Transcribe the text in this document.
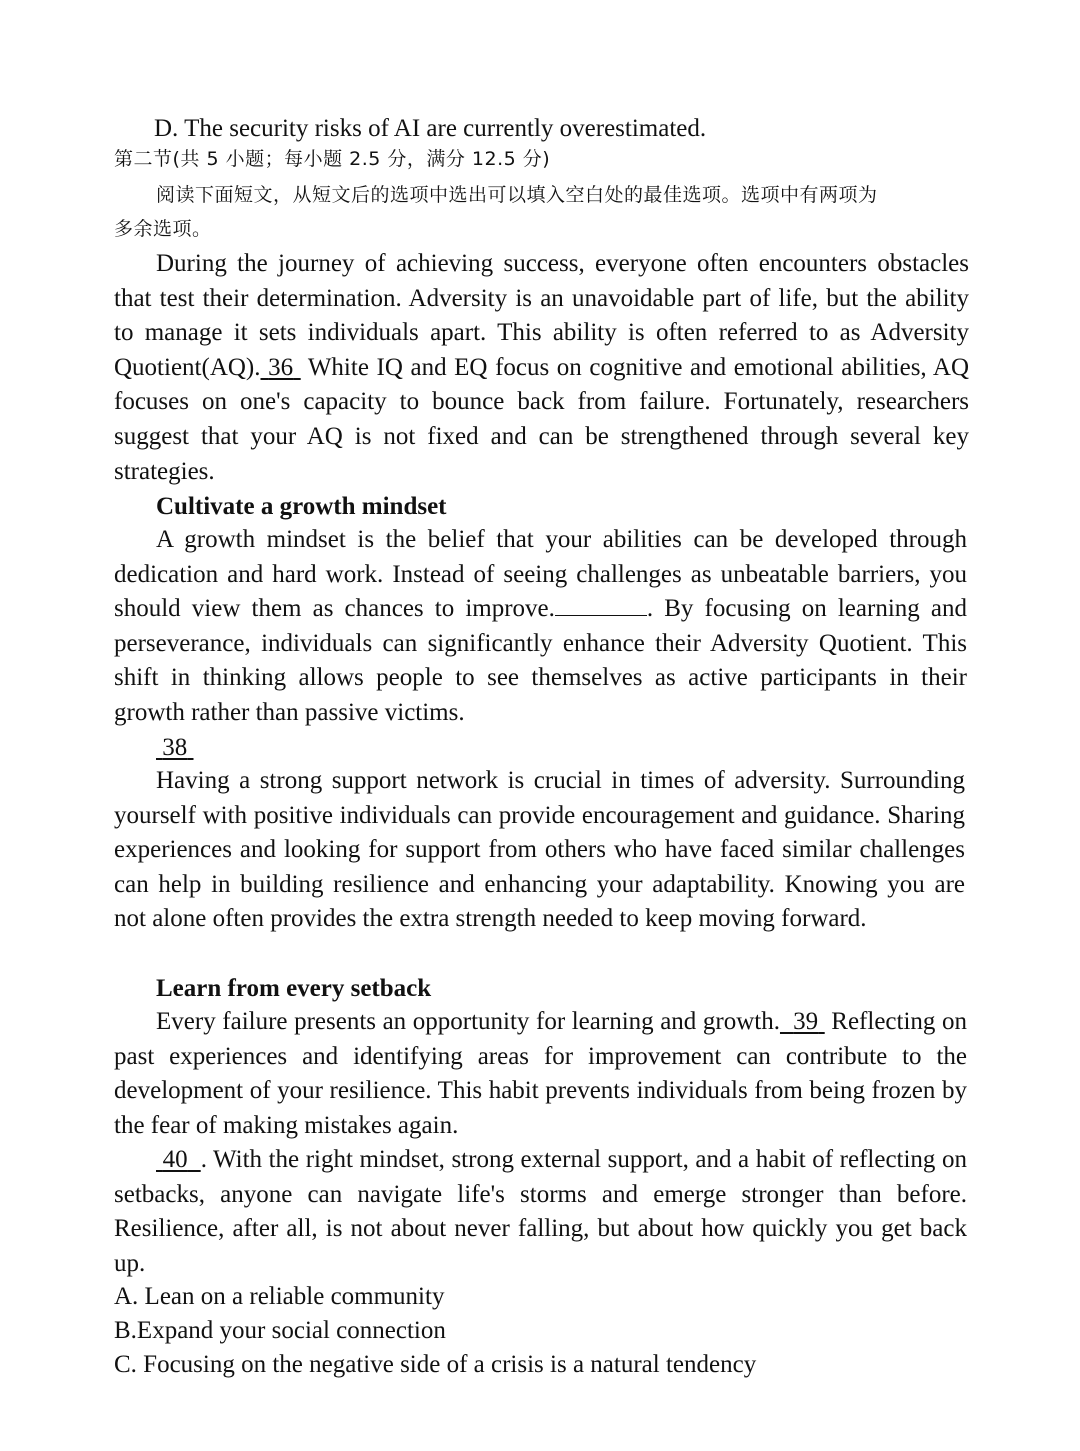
D. The security risks of AI are currently overestimated.
第二节(共 5 小题；每小题 2.5 分，满分 12.5 分)
阅读下面短文，从短文后的选项中选出可以填入空白处的最佳选项。选项中有两项为
多余选项。
During the journey of achieving success, everyone often encounters obstacles that test their determination. Adversity is an unavoidable part of life, but the ability to manage it sets individuals apart. This ability is often referred to as Adversity Quotient(AQ). 36  White IQ and EQ focus on cognitive and emotional abilities, AQ focuses on one's capacity to bounce back from failure. Fortunately, researchers suggest that your AQ is not fixed and can be strengthened through several key strategies.
Cultivate a growth mindset
A growth mindset is the belief that your abilities can be developed through dedication and hard work. Instead of seeing challenges as unbeatable barriers, you should view them as chances to improve.	. By focusing on learning and perseverance, individuals can significantly enhance their Adversity Quotient. This shift in thinking allows people to see themselves as active participants in their growth rather than passive victims.
38
Having a strong support network is crucial in times of adversity. Surrounding yourself with positive individuals can provide encouragement and guidance. Sharing experiences and looking for support from others who have faced similar challenges can help in building resilience and enhancing your adaptability. Knowing you are not alone often provides the extra strength needed to keep moving forward.
Learn from every setback
Every failure presents an opportunity for learning and growth. 39  Reflecting on past experiences and identifying areas for improvement can contribute to the development of your resilience. This habit prevents individuals from being frozen by the fear of making mistakes again.
40 . With the right mindset, strong external support, and a habit of reflecting on setbacks, anyone can navigate life's storms and emerge stronger than before. Resilience, after all, is not about never falling, but about how quickly you get back up.
A. Lean on a reliable community
B.Expand your social connection
C. Focusing on the negative side of a crisis is a natural tendency
